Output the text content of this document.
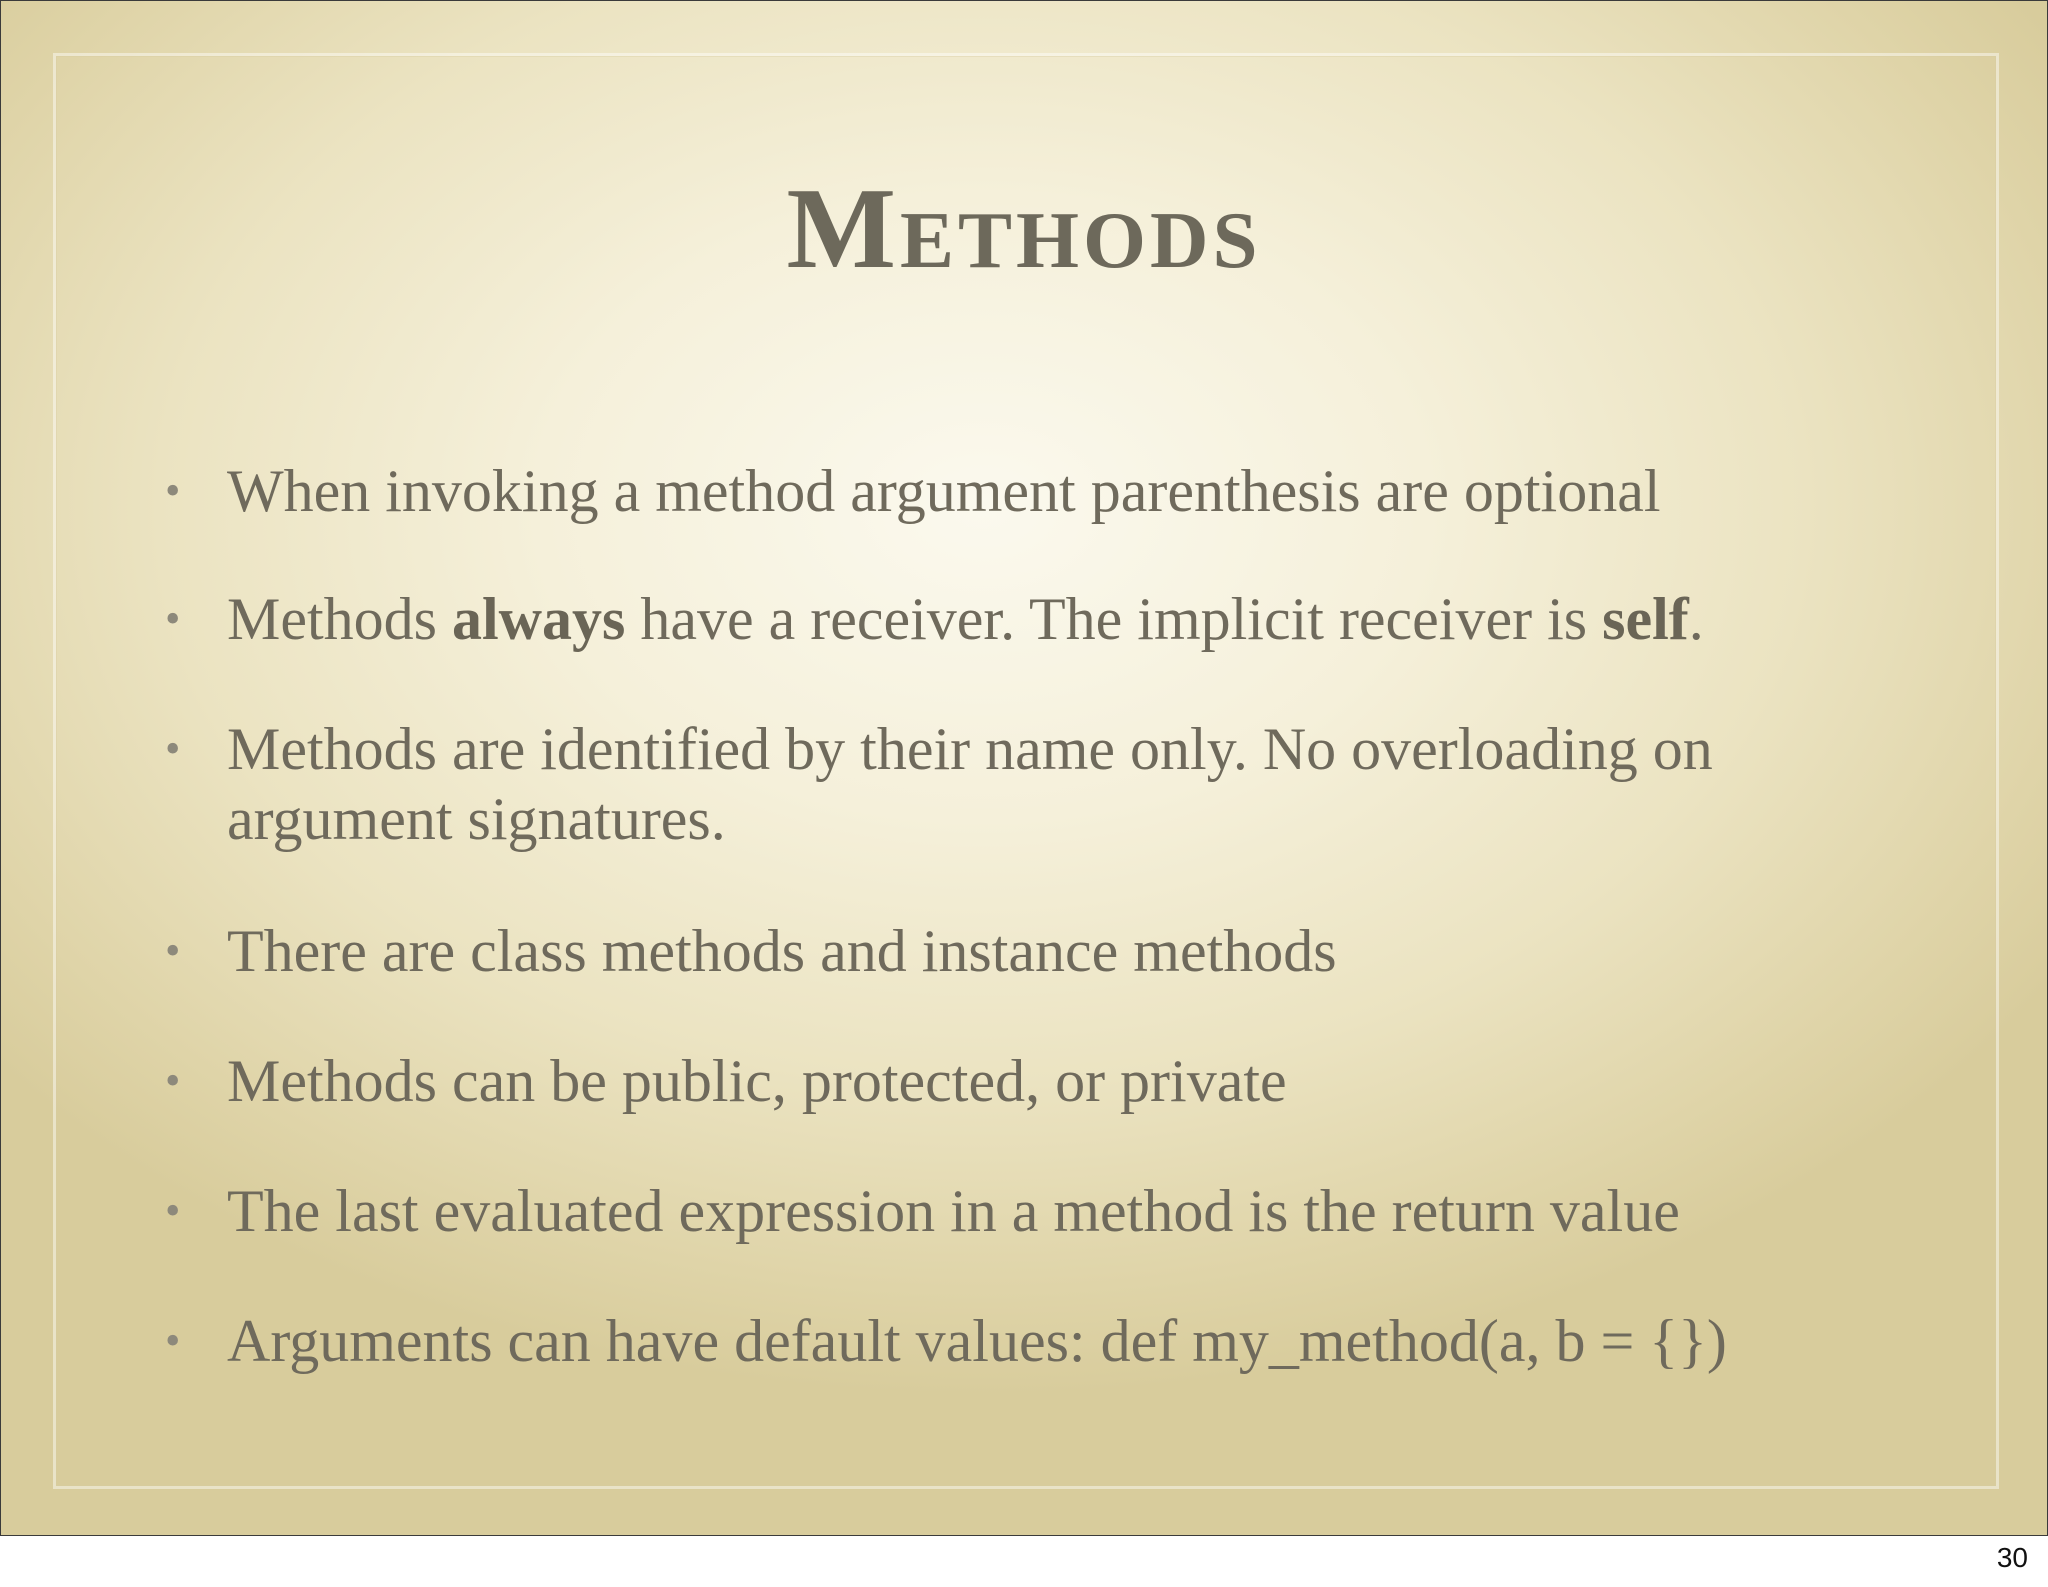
Methods
• When invoking a method argument parenthesis are optional
• Methods always have a receiver. The implicit receiver is self.
• Methods are identified by their name only. No overloading on argument signatures.
• There are class methods and instance methods
• Methods can be public, protected, or private
• The last evaluated expression in a method is the return value
• Arguments can have default values: def my_method(a, b = {})
30
